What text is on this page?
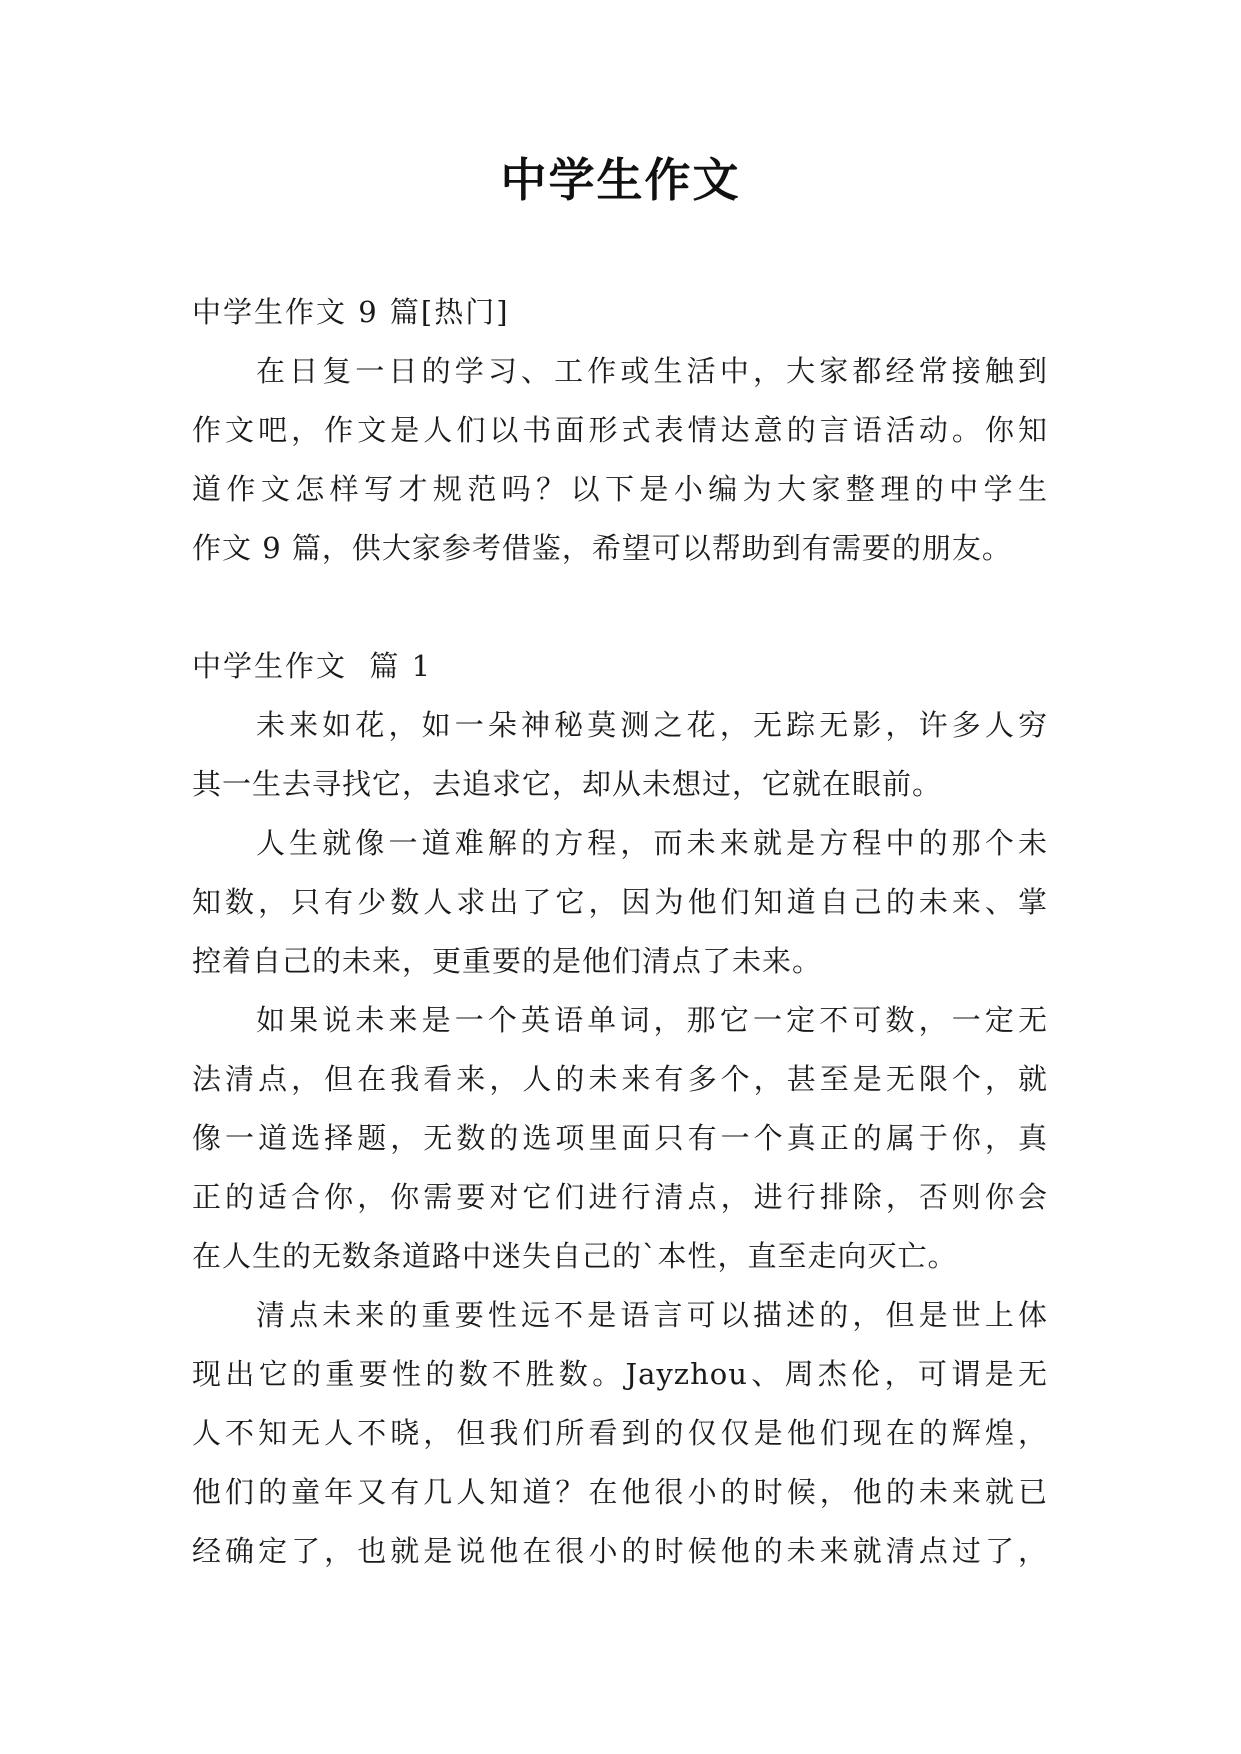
中学生作文
中学生作文 9 篇[热门]
在日复一日的学习、工作或生活中，大家都经常接触到
作文吧，作文是人们以书面形式表情达意的言语活动。你知
道作文怎样写才规范吗？以下是小编为大家整理的中学生
作文 9 篇，供大家参考借鉴，希望可以帮助到有需要的朋友。
中学生作文  篇 1
未来如花，如一朵神秘莫测之花，无踪无影，许多人穷
其一生去寻找它，去追求它，却从未想过，它就在眼前。
人生就像一道难解的方程，而未来就是方程中的那个未
知数，只有少数人求出了它，因为他们知道自己的未来、掌
控着自己的未来，更重要的是他们清点了未来。
如果说未来是一个英语单词，那它一定不可数，一定无
法清点，但在我看来，人的未来有多个，甚至是无限个，就
像一道选择题，无数的选项里面只有一个真正的属于你，真
正的适合你，你需要对它们进行清点，进行排除，否则你会
在人生的无数条道路中迷失自己的`本性，直至走向灭亡。
清点未来的重要性远不是语言可以描述的，但是世上体
现出它的重要性的数不胜数。Jayzhou、周杰伦，可谓是无
人不知无人不晓，但我们所看到的仅仅是他们现在的辉煌，
他们的童年又有几人知道？在他很小的时候，他的未来就已
经确定了，也就是说他在很小的时候他的未来就清点过了，
